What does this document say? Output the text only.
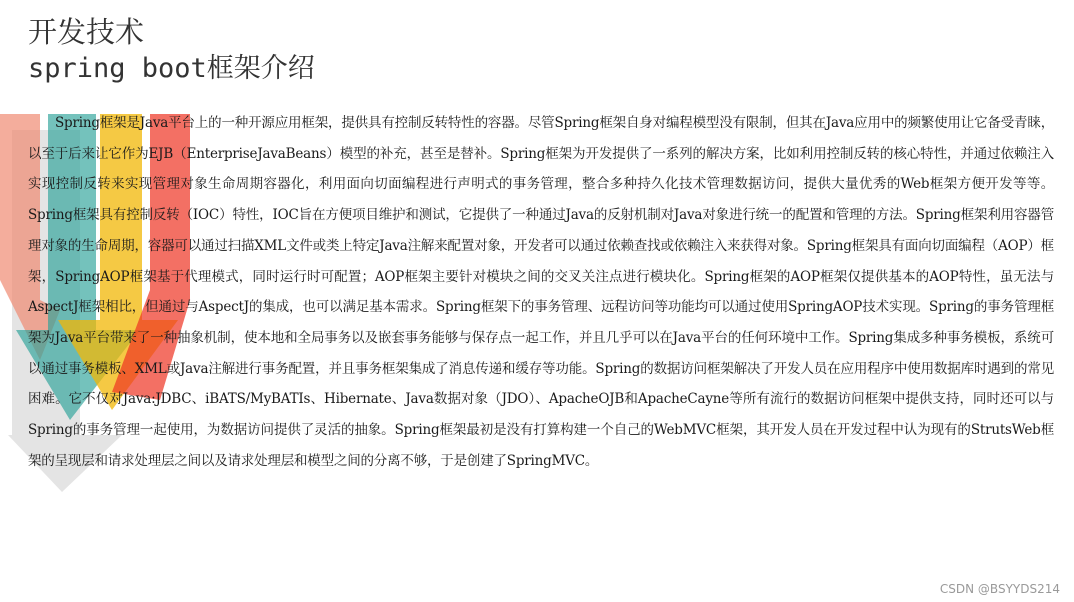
开发技术
spring boot框架介绍

Spring框架是Java平台上的一种开源应用框架，提供具有控制反转特性的容器。尽管Spring框架自身对编程模型没有限制，但其在Java应用中的频繁使用让它备受青睐，以至于后来让它作为EJB（EnterpriseJavaBeans）模型的补充，甚至是替补。Spring框架为开发提供了一系列的解决方案，比如利用控制反转的核心特性，并通过依赖注入实现控制反转来实现管理对象生命周期容器化，利用面向切面编程进行声明式的事务管理，整合多种持久化技术管理数据访问，提供大量优秀的Web框架方便开发等等。Spring框架具有控制反转（IOC）特性，IOC旨在方便项目维护和测试，它提供了一种通过Java的反射机制对Java对象进行统一的配置和管理的方法。Spring框架利用容器管理对象的生命周期，容器可以通过扫描XML文件或类上特定Java注解来配置对象，开发者可以通过依赖查找或依赖注入来获得对象。Spring框架具有面向切面编程（AOP）框架，SpringAOP框架基于代理模式，同时运行时可配置；AOP框架主要针对模块之间的交叉关注点进行模块化。Spring框架的AOP框架仅提供基本的AOP特性，虽无法与AspectJ框架相比，但通过与AspectJ的集成，也可以满足基本需求。Spring框架下的事务管理、远程访问等功能均可以通过使用SpringAOP技术实现。Spring的事务管理框架为Java平台带来了一种抽象机制，使本地和全局事务以及嵌套事务能够与保存点一起工作，并且几乎可以在Java平台的任何环境中工作。Spring集成多种事务模板，系统可以通过事务模板、XML或Java注解进行事务配置，并且事务框架集成了消息传递和缓存等功能。Spring的数据访问框架解决了开发人员在应用程序中使用数据库时遇到的常见困难。它不仅对Java:JDBC、iBATS/MyBATIs、Hibernate、Java数据对象（JDO）、ApacheOJB和ApacheCayne等所有流行的数据访问框架中提供支持，同时还可以与Spring的事务管理一起使用，为数据访问提供了灵活的抽象。Spring框架最初是没有打算构建一个自己的WebMVC框架，其开发人员在开发过程中认为现有的StrutsWeb框架的呈现层和请求处理层之间以及请求处理层和模型之间的分离不够，于是创建了SpringMVC。

CSDN @BSYYDS214
